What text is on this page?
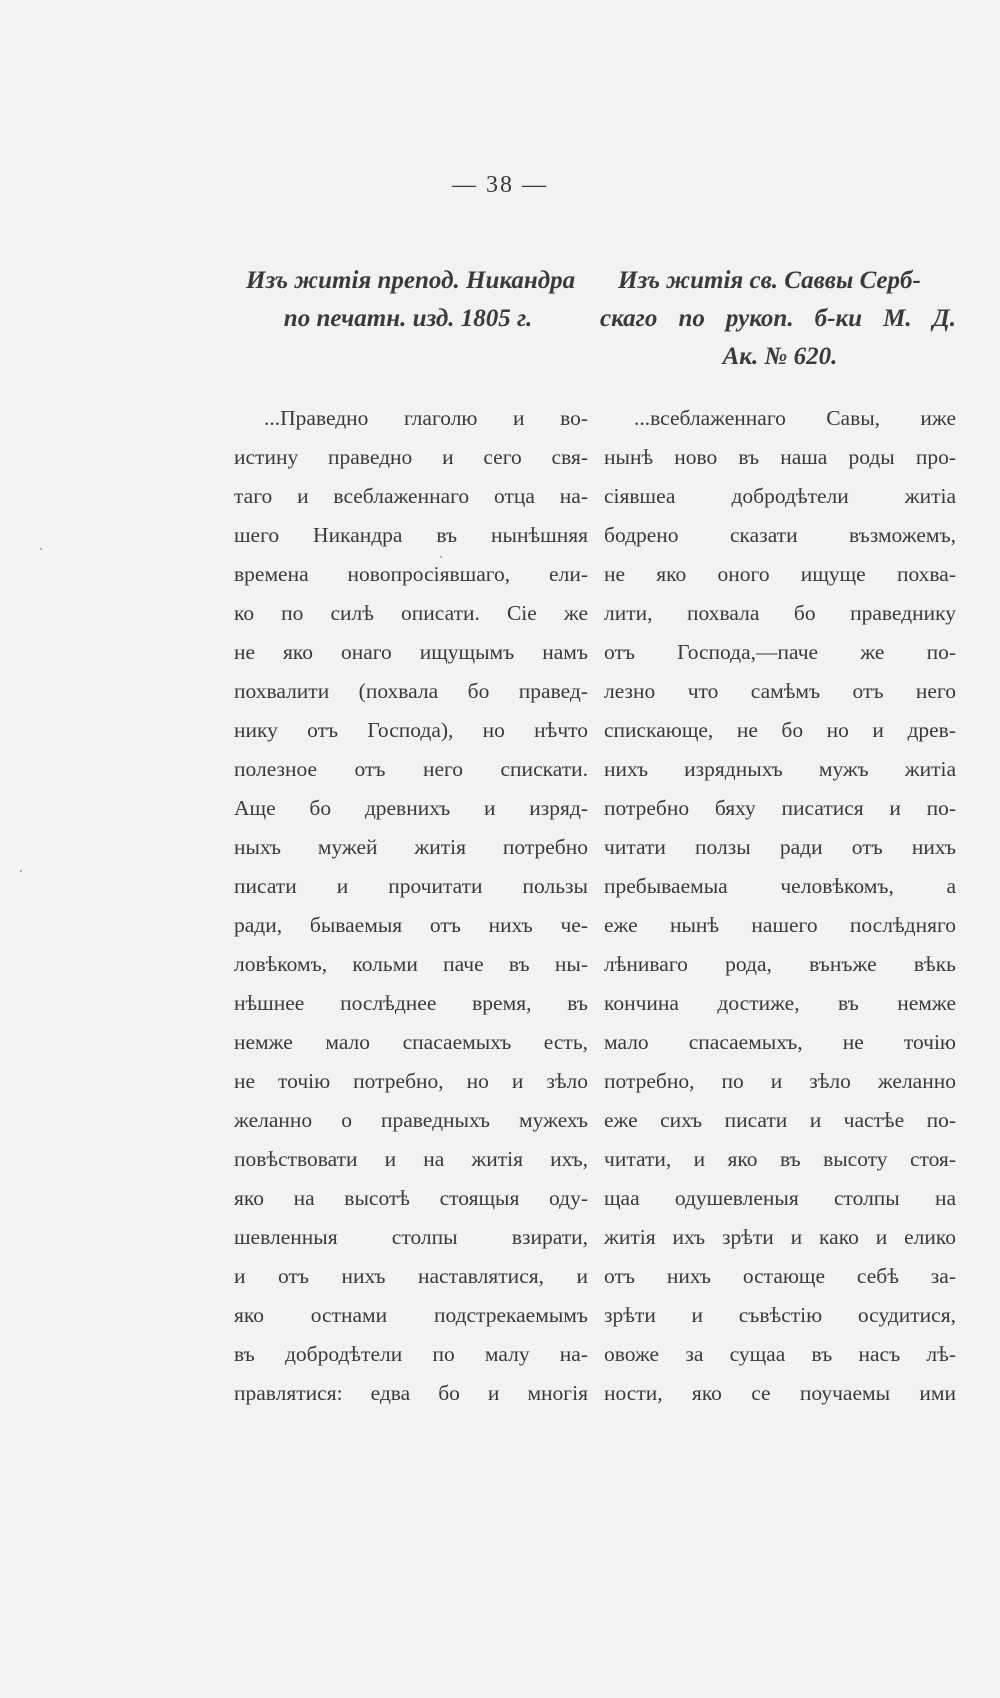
— 38 —
Изъ житія препод. Никандра
по печатн. изд. 1805 г.
...Праведно глаголю и во-
истину праведно и сего свя-
таго и всеблаженнаго отца на-
шего Никандра въ нынѣшняя
времена новопросіявшаго, ели-
ко по силѣ описати. Сіе же
не яко онаго ищущымъ намъ
похвалити (похвала бо правед-
нику отъ Господа), но нѣчто
полезное отъ него спискати.
Аще бо древнихъ и изряд-
ныхъ мужей житія потребно
писати и прочитати пользы
ради, бываемыя отъ нихъ че-
ловѣкомъ, кольми паче въ ны-
нѣшнее послѣднее время, въ
немже мало спасаемыхъ есть,
не точію потребно, но и зѣло
желанно о праведныхъ мужехъ
повѣствовати и на житія ихъ,
яко на высотѣ стоящыя оду-
шевленныя столпы взирати,
и отъ нихъ наставлятися, и
яко остнами подстрекаемымъ
въ добродѣтели по малу на-
правлятися: едва бо и многія
Изъ житія св. Саввы Серб-
скаго по рукоп. б-ки М. Д.
Ак. № 620.
...всеблаженнаго Савы, иже
нынѣ ново въ наша роды про-
сіявшеа добродѣтели житіа
бодрено сказати възможемъ,
не яко оного ищуще похва-
лити, похвала бо праведнику
отъ Господа,—паче же по-
лезно что самѣмъ отъ него
спискающе, не бо но и древ-
нихъ изрядныхъ мужъ житіа
потребно бяху писатися и по-
читати ползы ради отъ нихъ
пребываемыа человѣкомъ, а
еже нынѣ нашего послѣдняго
лѣниваго рода, вънъже вѣкь
кончина достиже, въ немже
мало спасаемыхъ, не точію
потребно, по и зѣло желанно
еже сихъ писати и частѣе по-
читати, и яко въ высоту стоя-
щаа одушевленыя столпы на
житія ихъ зрѣти и како и елико
отъ нихъ остающе себѣ за-
зрѣти и съвѣстію осудитися,
овоже за сущаа въ насъ лѣ-
ности, яко се поучаемы ими
